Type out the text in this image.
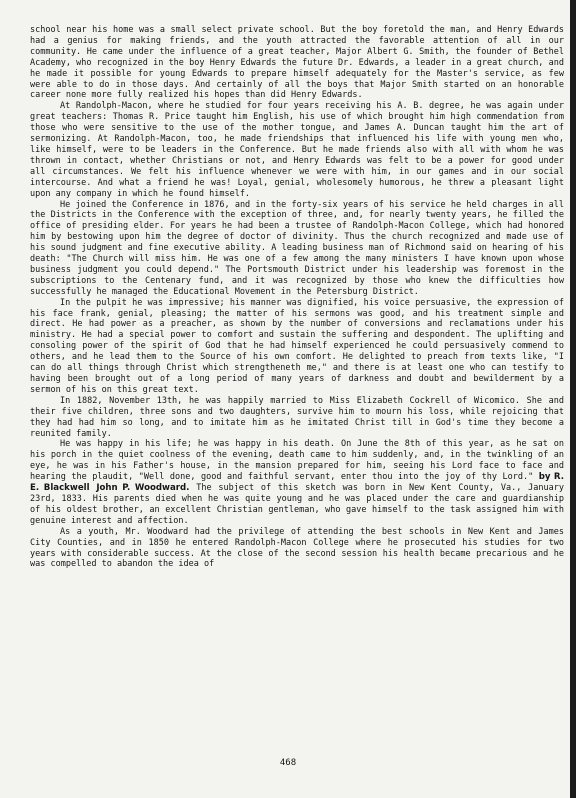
school near his home was a small select private school. But the boy foretold the man, and Henry Edwards had a genius for making friends, and the youth attracted the favorable attention of all in our community. He came under the influence of a great teacher, Major Albert G. Smith, the founder of Bethel Academy, who recognized in the boy Henry Edwards the future Dr. Edwards, a leader in a great church, and he made it possible for young Edwards to prepare himself adequately for the Master's service, as few were able to do in those days. And certainly of all the boys that Major Smith started on an honorable career none more fully realized his hopes than did Henry Edwards.

At Randolph-Macon, where he studied for four years receiving his A. B. degree, he was again under great teachers: Thomas R. Price taught him English, his use of which brought him high commendation from those who were sensitive to the use of the mother tongue, and James A. Duncan taught him the art of sermonizing. At Randolph-Macon, too, he made friendships that influenced his life with young men who, like himself, were to be leaders in the Conference. But he made friends also with all with whom he was thrown in contact, whether Christians or not, and Henry Edwards was felt to be a power for good under all circumstances. We felt his influence whenever we were with him, in our games and in our social intercourse. And what a friend he was! Loyal, genial, wholesomely humorous, he threw a pleasant light upon any company in which he found himself.

He joined the Conference in 1876, and in the forty-six years of his service he held charges in all the Districts in the Conference with the exception of three, and, for nearly twenty years, he filled the office of presiding elder. For years he had been a trustee of Randolph-Macon College, which had honored him by bestowing upon him the degree of doctor of divinity. Thus the church recognized and made use of his sound judgment and fine executive ability. A leading business man of Richmond said on hearing of his death: "The Church will miss him. He was one of a few among the many ministers I have known upon whose business judgment you could depend." The Portsmouth District under his leadership was foremost in the subscriptions to the Centenary fund, and it was recognized by those who knew the difficulties how successfully he managed the Educational Movement in the Petersburg District.

In the pulpit he was impressive; his manner was dignified, his voice persuasive, the expression of his face frank, genial, pleasing; the matter of his sermons was good, and his treatment simple and direct. He had power as a preacher, as shown by the number of conversions and reclamations under his ministry. He had a special power to comfort and sustain the suffering and despondent. The uplifting and consoling power of the spirit of God that he had himself experienced he could persuasively commend to others, and he lead them to the Source of his own comfort. He delighted to preach from texts like, "I can do all things through Christ which strengtheneth me," and there is at least one who can testify to having been brought out of a long period of many years of darkness and doubt and bewilderment by a sermon of his on this great text.

In 1882, November 13th, he was happily married to Miss Elizabeth Cockrell of Wicomico. She and their five children, three sons and two daughters, survive him to mourn his loss, while rejoicing that they had had him so long, and to imitate him as he imitated Christ till in God's time they become a reunited family.

He was happy in his life; he was happy in his death. On June the 8th of this year, as he sat on his porch in the quiet coolness of the evening, death came to him suddenly, and, in the twinkling of an eye, he was in his Father's house, in the mansion prepared for him, seeing his Lord face to face and hearing the plaudit, "Well done, good and faithful servant, enter thou into the joy of thy Lord." by R. E. Blackwell John P. Woodward. The subject of this sketch was born in New Kent County, Va., January 23rd, 1833. His parents died when he was quite young and he was placed under the care and guardianship of his oldest brother, an excellent Christian gentleman, who gave himself to the task assigned him with genuine interest and affection.

As a youth, Mr. Woodward had the privilege of attending the best schools in New Kent and James City Counties, and in 1850 he entered Randolph-Macon College where he prosecuted his studies for two years with considerable success. At the close of the second session his health became precarious and he was compelled to abandon the idea of

468
